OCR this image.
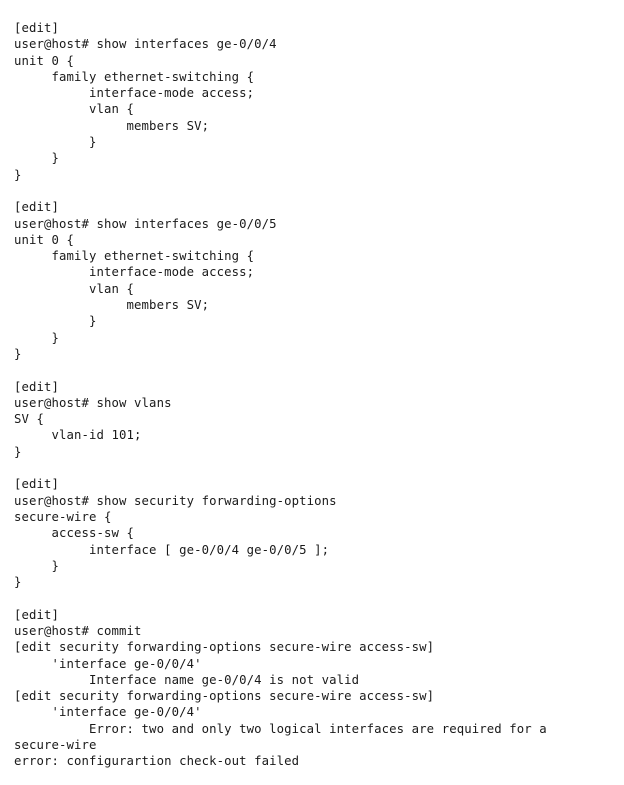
[edit]
user@host# show interfaces ge-0/0/4
unit 0 {
family ethernet-switching {
interface-mode access;
vlan {
members SV;
}
}
}

[edit]
user@host# show interfaces ge-0/0/5
unit 0 {
family ethernet-switching {
interface-mode access;
vlan {
members SV;
}
}
}

[edit]
user@host# show vlans
SV {
vlan-id 101;
}

[edit]
user@host# show security forwarding-options
secure-wire {
access-sw {
interface [ ge-0/0/4 ge-0/0/5 ];
}
}

[edit]
user@host# commit
[edit security forwarding-options secure-wire access-sw]
'interface ge-0/0/4'
Interface name ge-0/0/4 is not valid
[edit security forwarding-options secure-wire access-sw]
'interface ge-0/0/4'
Error: two and only two logical interfaces are required for a
secure-wire
error: configurartion check-out failed
